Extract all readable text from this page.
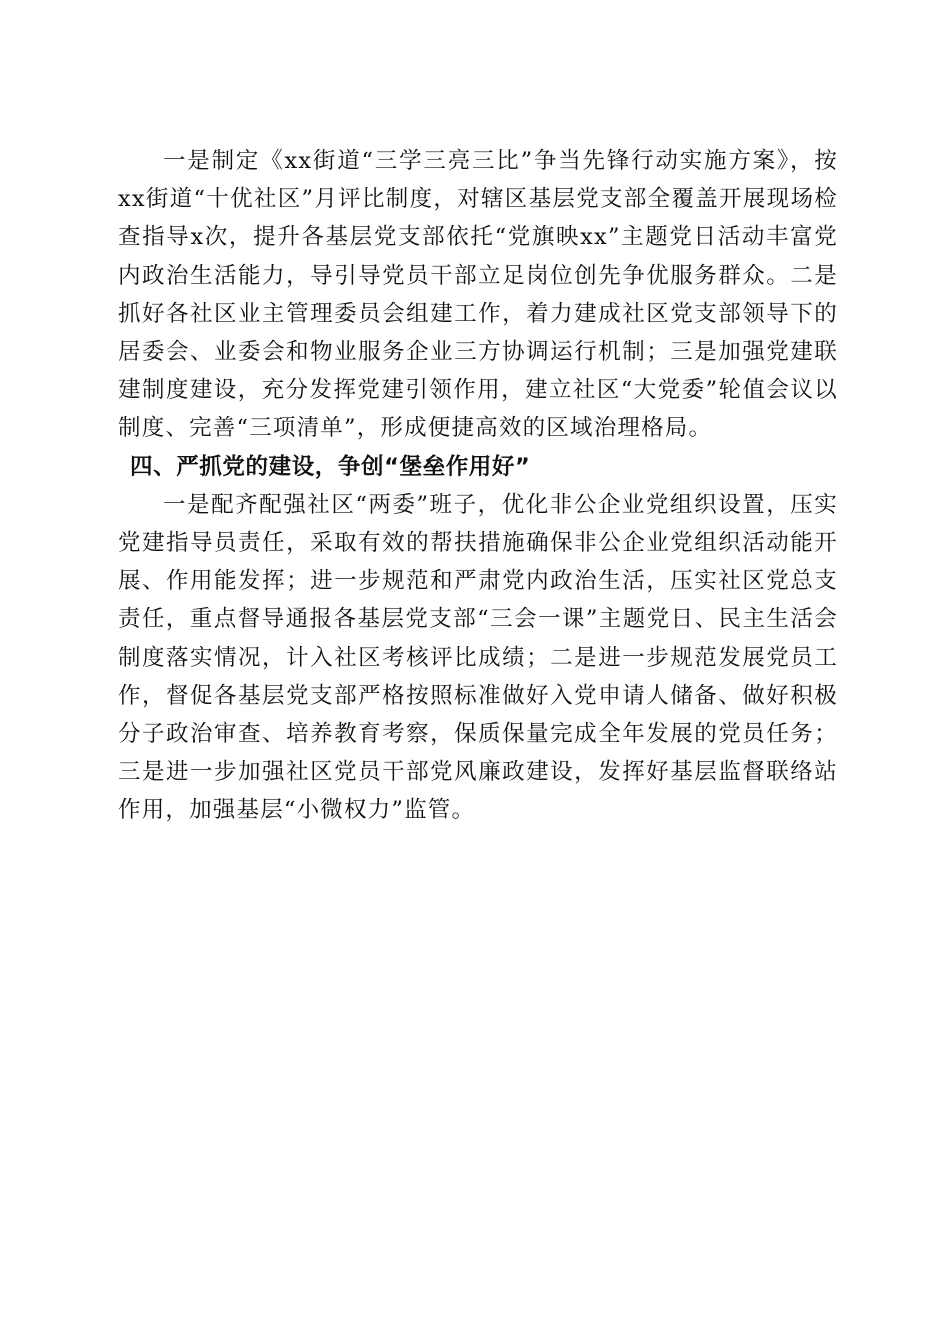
一是制定《xx街道“三学三亮三比”争当先锋行动实施方案》，按xx街道“十优社区”月评比制度，对辖区基层党支部全覆盖开展现场检查指导x次，提升各基层党支部依托“党旗映xx”主题党日活动丰富党内政治生活能力，导引导党员干部立足岗位创先争优服务群众。二是抓好各社区业主管理委员会组建工作，着力建成社区党支部领导下的居委会、业委会和物业服务企业三方协调运行机制；三是加强党建联建制度建设，充分发挥党建引领作用，建立社区“大党委”轮值会议以制度、完善“三项清单”，形成便捷高效的区域治理格局。

四、严抓党的建设，争创“堡垒作用好”

一是配齐配强社区“两委”班子，优化非公企业党组织设置，压实党建指导员责任，采取有效的帮扶措施确保非公企业党组织活动能开展、作用能发挥；进一步规范和严肃党内政治生活，压实社区党总支责任，重点督导通报各基层党支部“三会一课”主题党日、民主生活会制度落实情况，计入社区考核评比成绩；二是进一步规范发展党员工作，督促各基层党支部严格按照标准做好入党申请人储备、做好积极分子政治审查、培养教育考察，保质保量完成全年发展的党员任务；三是进一步加强社区党员干部党风廉政建设，发挥好基层监督联络站作用，加强基层“小微权力”监管。
